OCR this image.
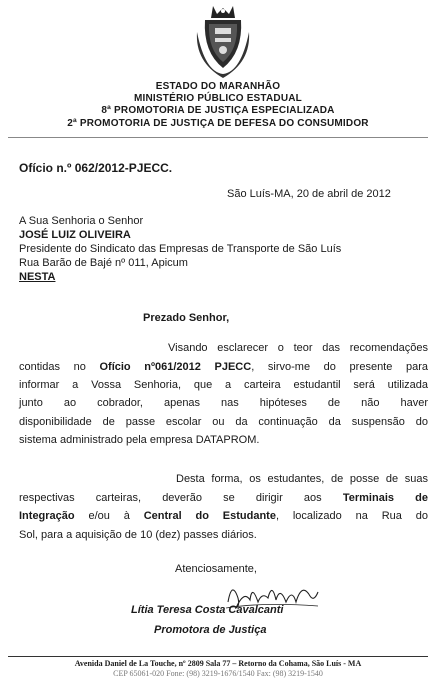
ESTADO DO MARANHÃO
MINISTÉRIO PÚBLICO ESTADUAL
8ª PROMOTORIA DE JUSTIÇA ESPECIALIZADA
2ª PROMOTORIA DE JUSTIÇA DE DEFESA DO CONSUMIDOR
Ofício n.º 062/2012-PJECC.
São Luís-MA, 20 de abril de 2012
A Sua Senhoria o Senhor
JOSÉ LUIZ OLIVEIRA
Presidente do Sindicato das Empresas de Transporte de São Luís
Rua Barão de Bajé nº 011, Apicum
NESTA
Prezado Senhor,
Visando esclarecer o teor das recomendações
contidas no Ofício nº061/2012 PJECC, sirvo-me do presente para
informar a Vossa Senhoria, que a carteira estudantil será utilizada
junto ao cobrador, apenas nas hipóteses de não haver
disponibilidade de passe escolar ou da continuação da suspensão do
sistema administrado pela empresa DATAPROM.
Desta forma, os estudantes, de posse de suas
respectivas carteiras, deverão se dirigir aos Terminais de
Integração e/ou à Central do Estudante, localizado na Rua do
Sol, para a aquisição de 10 (dez) passes diários.
Atenciosamente,
Lítia Teresa Costa Cavalcanti
Promotora de Justiça
Avenida Daniel de La Touche, nº 2809 Sala 77 – Retorno da Cohama, São Luís - MA
CEP 65061-020 Fone: (98) 3219-1676/1540 Fax: (98) 3219-1540
